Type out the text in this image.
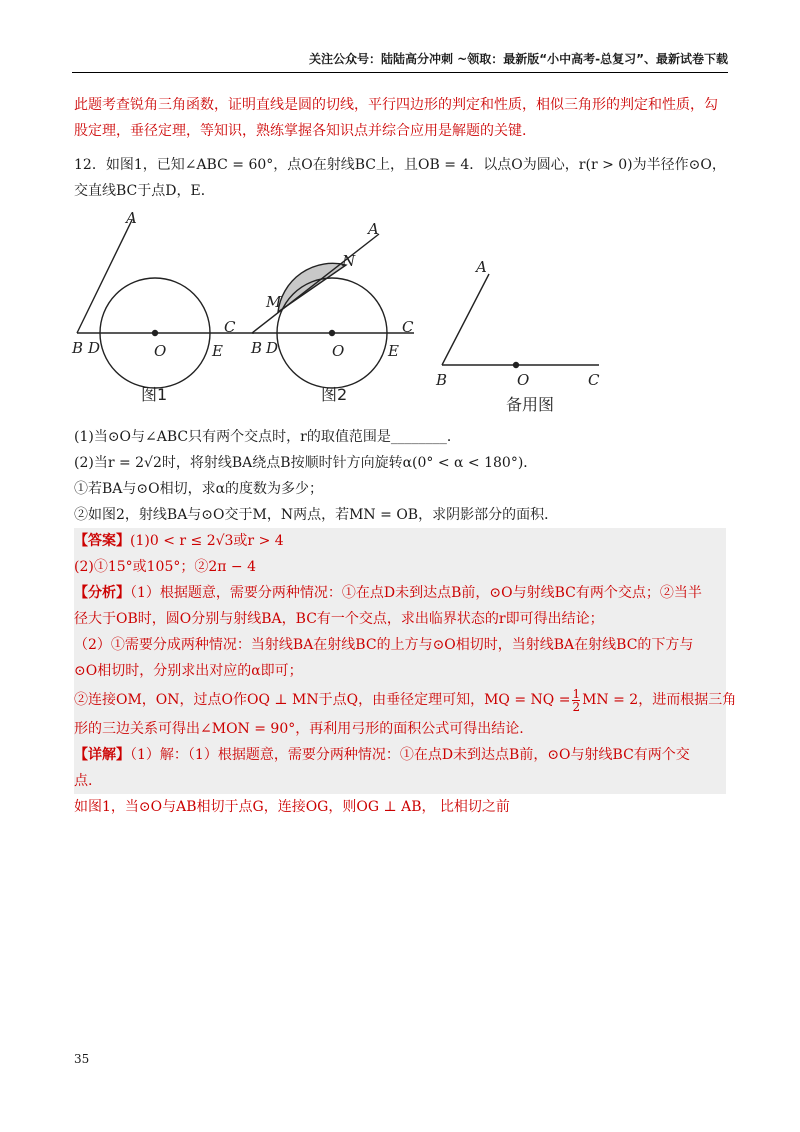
关注公众号：陆陆高分冲刺 ~领取：最新版“小中高考-总复习”、最新试卷下载

此题考查锐角三角函数，证明直线是圆的切线，平行四边形的判定和性质，相似三角形的判定和性质，勾

股定理，垂径定理，等知识，熟练掌握各知识点并综合应用是解题的关键.

12．如图1，已知∠ABC = 60°，点O在射线BC上，且OB = 4．以点O为圆心，r(r > 0)为半径作⊙O，

交直线BC于点D，E．

A
B D	O	E
C
图1
A
N
M
B D	O	E
C
图2
A
B	O	C
备用图

(1)当⊙O与∠ABC只有两个交点时，r的取值范围是________．

(2)当r = 2√2时，将射线BA绕点B按顺时针方向旋转α(0° < α < 180°)．

①若BA与⊙O相切，求α的度数为多少；

②如图2，射线BA与⊙O交于M，N两点，若MN = OB，求阴影部分的面积．

【答案】(1)0 < r ≤ 2√3或r > 4

(2)①15°或105°；②2π − 4

【分析】（1）根据题意，需要分两种情况：①在点D未到达点B前，⊙O与射线BC有两个交点；②当半

径大于OB时，圆O分别与射线BA，BC有一个交点，求出临界状态的r即可得出结论；

（2）①需要分成两种情况：当射线BA在射线BC的上方与⊙O相切时，当射线BA在射线BC的下方与

⊙O相切时，分别求出对应的α即可；

②连接OM，ON，过点O作OQ ⊥ MN于点Q，由垂径定理可知，MQ = NQ = $\frac{1}{2}$ MN = 2，进而根据三角

形的三边关系可得出∠MON = 90°，再利用弓形的面积公式可得出结论.

【详解】（1）解：（1）根据题意，需要分两种情况：①在点D未到达点B前，⊙O与射线BC有两个交

点.

如图1，当⊙O与AB相切于点G，连接OG，则OG ⊥ AB， 比相切之前

35
